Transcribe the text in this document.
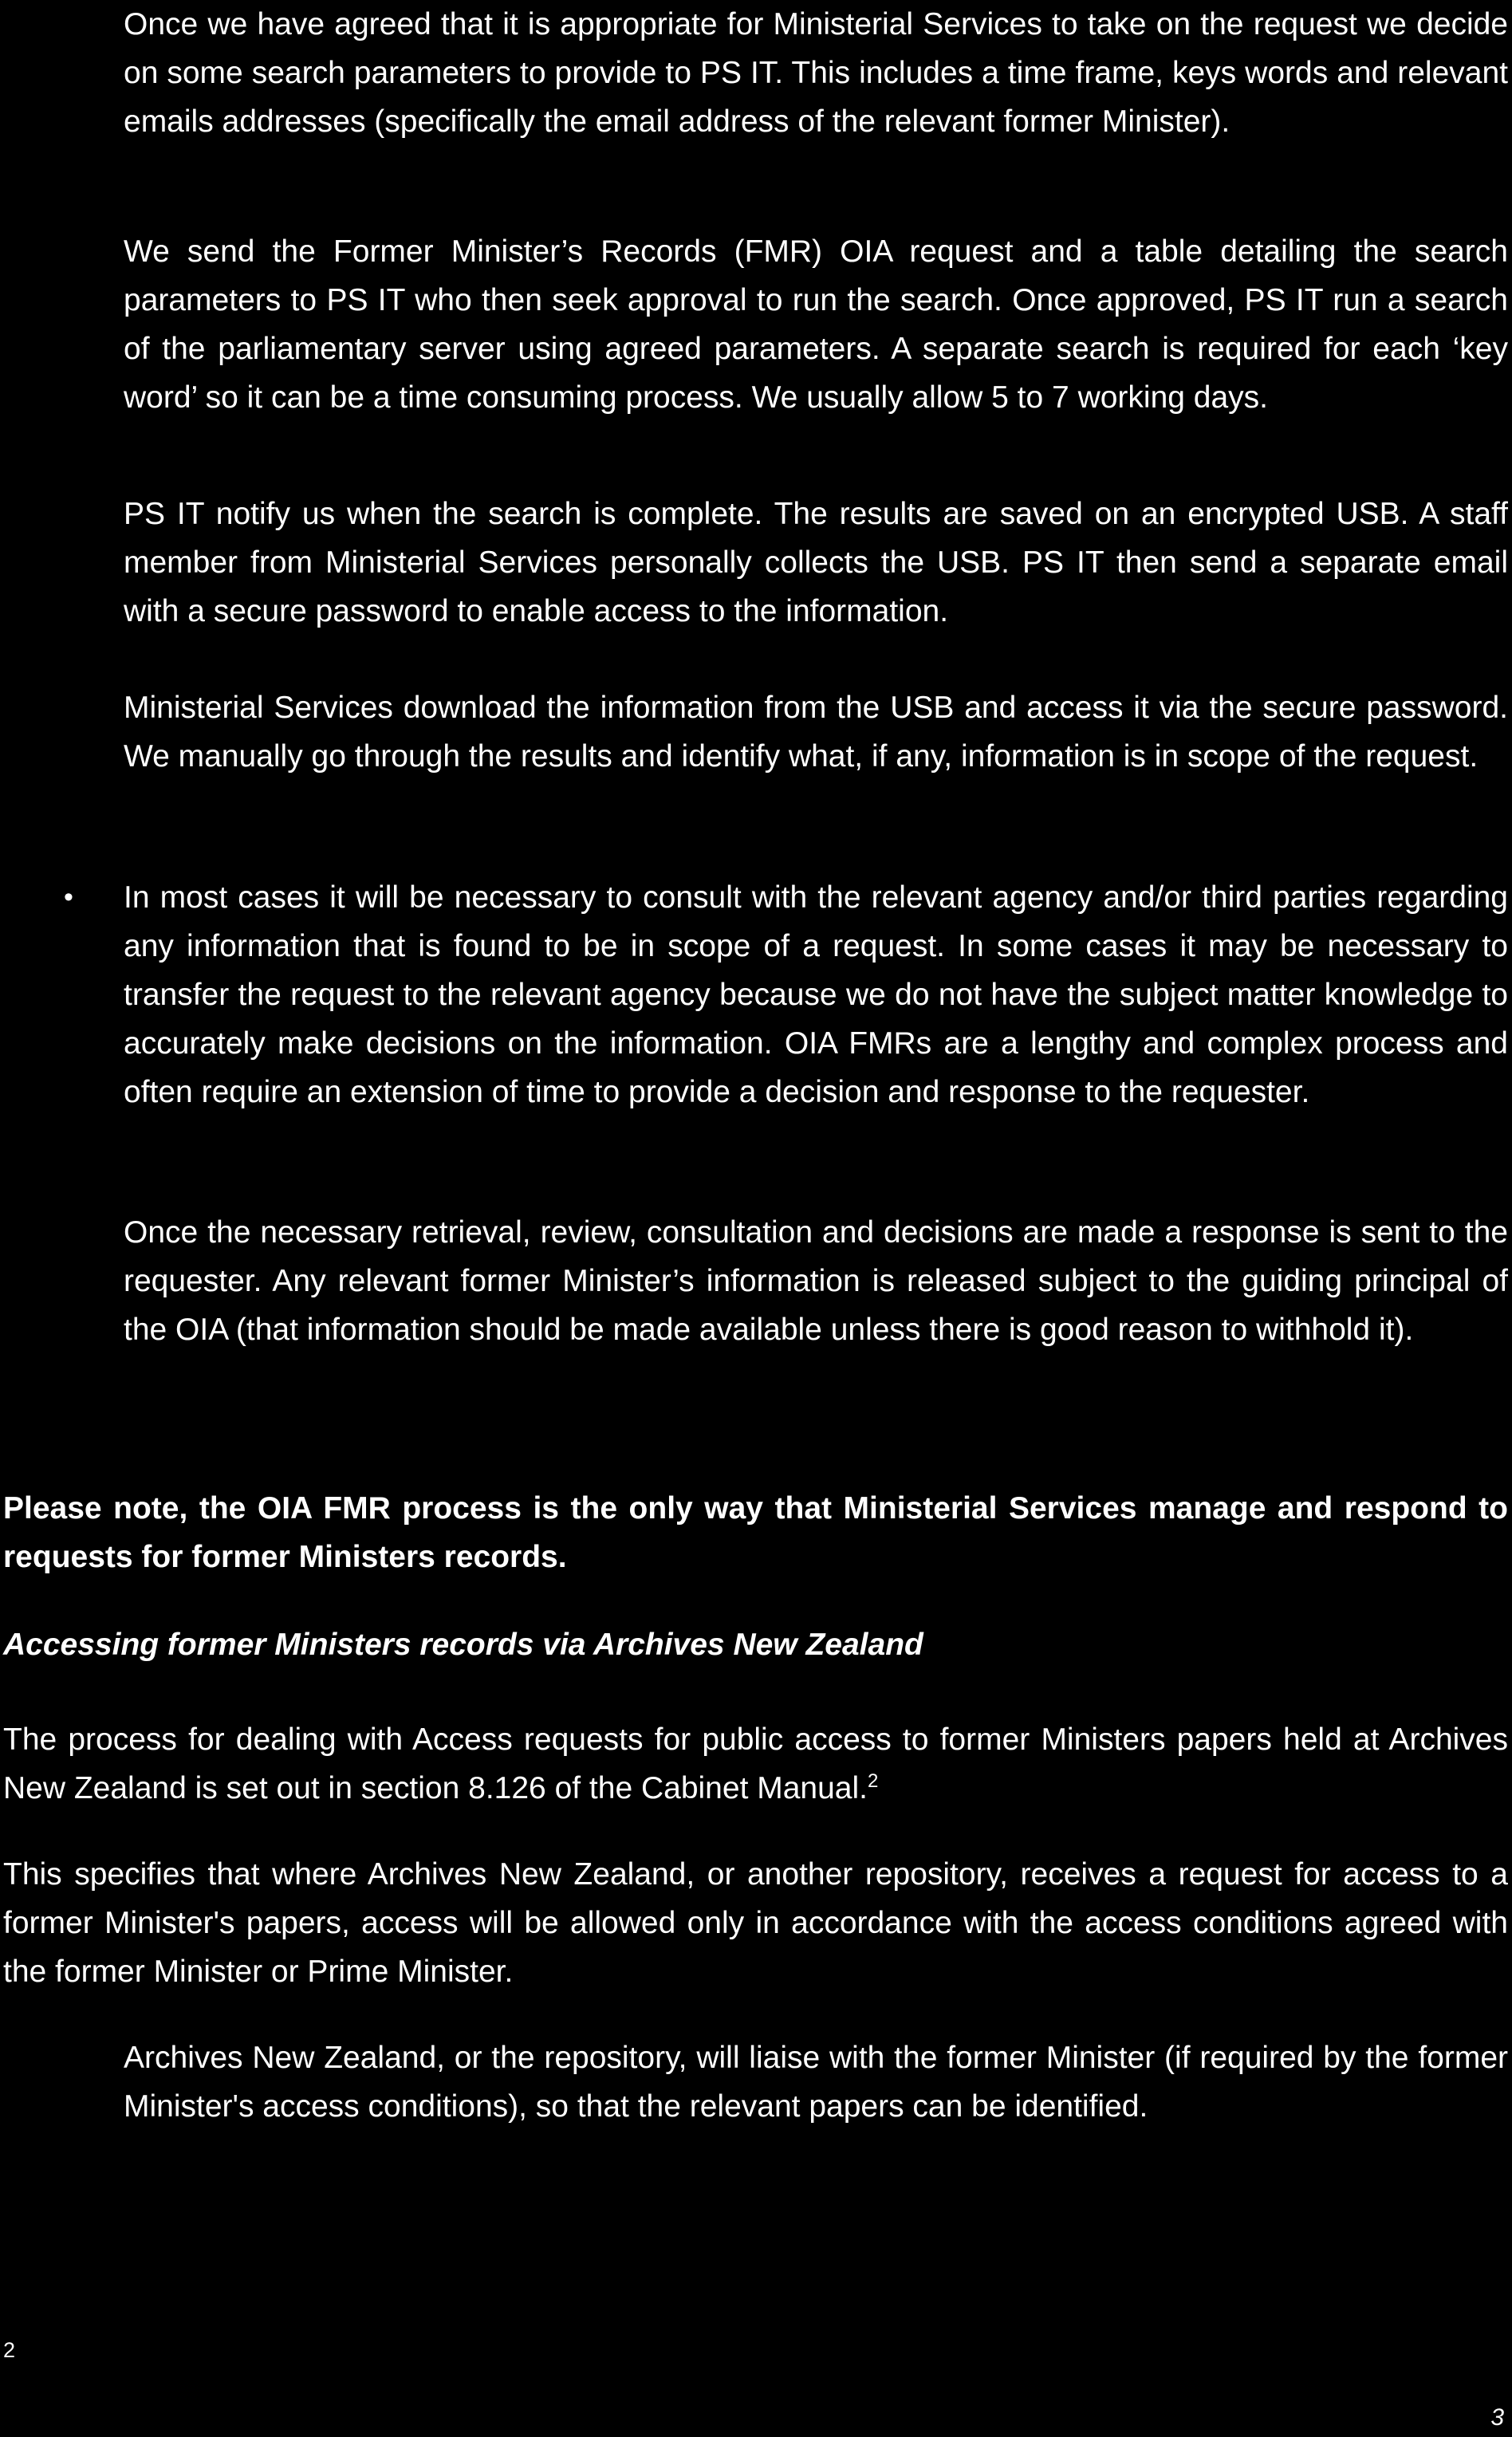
Once we have agreed that it is appropriate for Ministerial Services to take on the request we decide on some search parameters to provide to PS IT. This includes a time frame, keys words and relevant emails addresses (specifically the email address of the relevant former Minister).

We send the Former Minister’s Records (FMR) OIA request and a table detailing the search parameters to PS IT who then seek approval to run the search. Once approved, PS IT run a search of the parliamentary server using agreed parameters. A separate search is required for each ‘key word’ so it can be a time consuming process. We usually allow 5 to 7 working days.

PS IT notify us when the search is complete. The results are saved on an encrypted USB. A staff member from Ministerial Services personally collects the USB. PS IT then send a separate email with a secure password to enable access to the information.

Ministerial Services download the information from the USB and access it via the secure password. We manually go through the results and identify what, if any, information is in scope of the request.

• In most cases it will be necessary to consult with the relevant agency and/or third parties regarding any information that is found to be in scope of a request. In some cases it may be necessary to transfer the request to the relevant agency because we do not have the subject matter knowledge to accurately make decisions on the information. OIA FMRs are a lengthy and complex process and often require an extension of time to provide a decision and response to the requester.

Once the necessary retrieval, review, consultation and decisions are made a response is sent to the requester. Any relevant former Minister’s information is released subject to the guiding principal of the OIA (that information should be made available unless there is good reason to withhold it).

Please note, the OIA FMR process is the only way that Ministerial Services manage and respond to requests for former Ministers records.

Accessing former Ministers records via Archives New Zealand

The process for dealing with Access requests for public access to former Ministers papers held at Archives New Zealand is set out in section 8.126 of the Cabinet Manual.$^2$

This specifies that where Archives New Zealand, or another repository, receives a request for access to a former Minister's papers, access will be allowed only in accordance with the access conditions agreed with the former Minister or Prime Minister.

Archives New Zealand, or the repository, will liaise with the former Minister (if required by the former Minister's access conditions), so that the relevant papers can be identified.

2
3
